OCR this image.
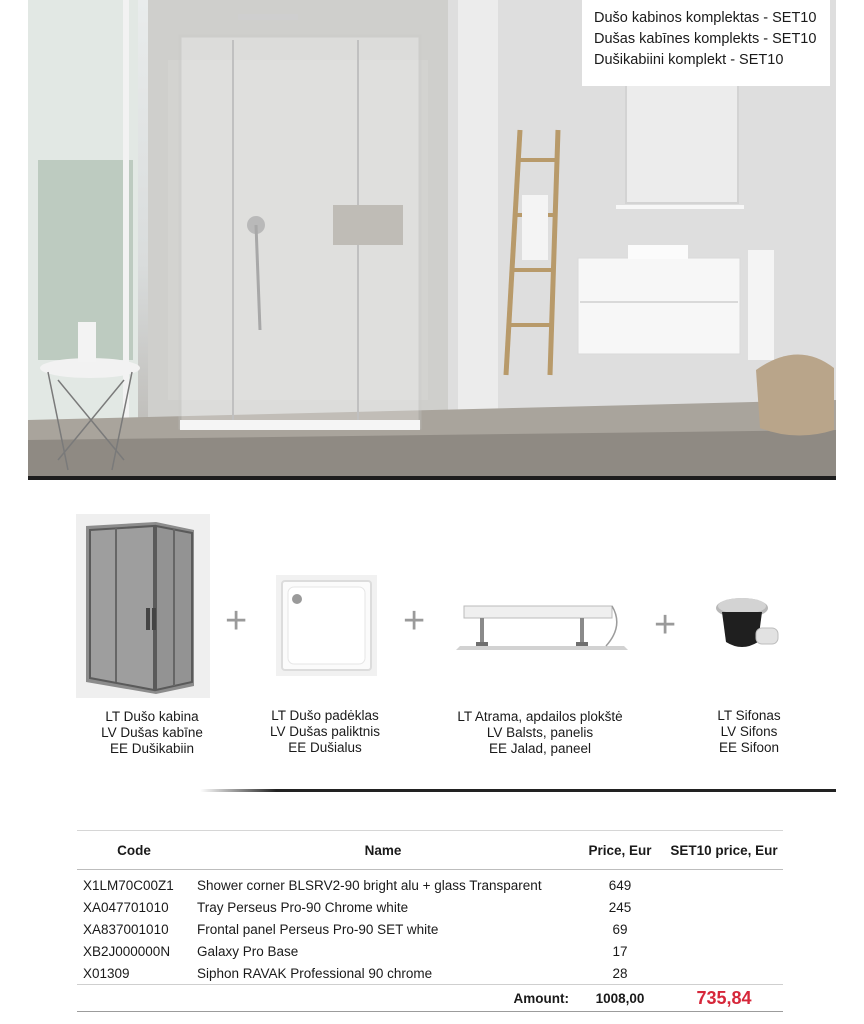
Dušo kabinos komplektas - SET10
Dušas kabīnes komplekts - SET10
Dušikabiini komplekt - SET10
+	+	+
LT Dušo kabina
LV Dušas kabīne
EE Dušikabiin
LT Dušo padėklas
LV Dušas paliktnis
EE Dušialus
LT Atrama, apdailos plokštė
LV Balsts, panelis
EE Jalad, paneel
LT Sifonas
LV Sifons
EE Sifoon
Code	Name	Price, Eur	SET10 price, Eur
X1LM70C00Z1	Shower corner BLSRV2-90 bright alu + glass Transparent	649	
XA047701010	Tray Perseus Pro-90 Chrome white	245	
XA837001010	Frontal panel Perseus Pro-90 SET white	69	
XB2J000000N	Galaxy Pro Base	17	
X01309	Siphon RAVAK Professional 90 chrome	28	
Amount:		1008,00	735,84
